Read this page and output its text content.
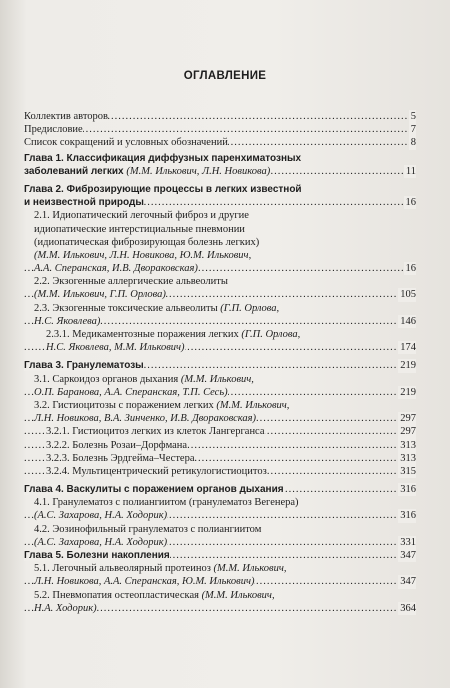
ОГЛАВЛЕНИЕ
.....
Коллектив авторов	5
.....
Предисловие	7
.....
Список сокращений и условных обозначений	8
Глава 1. Классификация диффузных паренхиматозных
.....
заболеваний легких (М.М. Илькович, Л.Н. Новикова)	11
Глава 2. Фиброзирующие процессы в легких известной
.....
и неизвестной природы	16
2.1. Идиопатический легочный фиброз и другие
идиопатические интерстициальные пневмонии
(идиопатическая фиброзирующая болезнь легких)
(М.М. Илькович, Л.Н. Новикова, Ю.М. Илькович,
.....
А.А. Сперанская, И.В. Дворaковская)	16
2.2. Экзогенные аллергические альвеолиты
.....
(М.М. Илькович, Г.П. Орлова)	105
2.3. Экзогенные токсические альвеолиты (Г.П. Орлова,
.....
Н.С. Яковлева)	146
2.3.1. Медикаментозные поражения легких (Г.П. Орлова,
.....
Н.С. Яковлева, М.М. Илькович)	174
.....
Глава 3. Гранулематозы	219
3.1. Саркоидоз органов дыхания (М.М. Илькович,
.....
О.П. Баранова, А.А. Сперанская, Т.П. Сесь)	219
3.2. Гистиоцитозы с поражением легких (М.М. Илькович,
.....
Л.Н. Новикова, В.А. Зинченко, И.В. Двораковская)	297
.....
3.2.1. Гистиоцитоз легких из клеток Лангерганса	297
.....
3.2.2. Болезнь Розаи–Дорфмана	313
.....
3.2.3. Болезнь Эрдгейма–Честера	313
.....
3.2.4. Мультицентрический ретикулогистиоцитоз	315
.....
Глава 4. Васкулиты с поражением органов дыхания	316
4.1. Гранулематоз с полиангиитом (гранулематоз Вегенера)
.....
(А.С. Захарова, Н.А. Ходорик)	316
4.2. Эозинофильный гранулематоз с полиангиитом
.....
(А.С. Захарова, Н.А. Ходорик)	331
.....
Глава 5. Болезни накопления	347
5.1. Легочный альвеолярный протеиноз (М.М. Илькович,
.....
Л.Н. Новикова, А.А. Сперанская, Ю.М. Илькович)	347
5.2. Пневмопатия остеопластическая (М.М. Илькович,
.....
Н.А. Ходорик)	364
